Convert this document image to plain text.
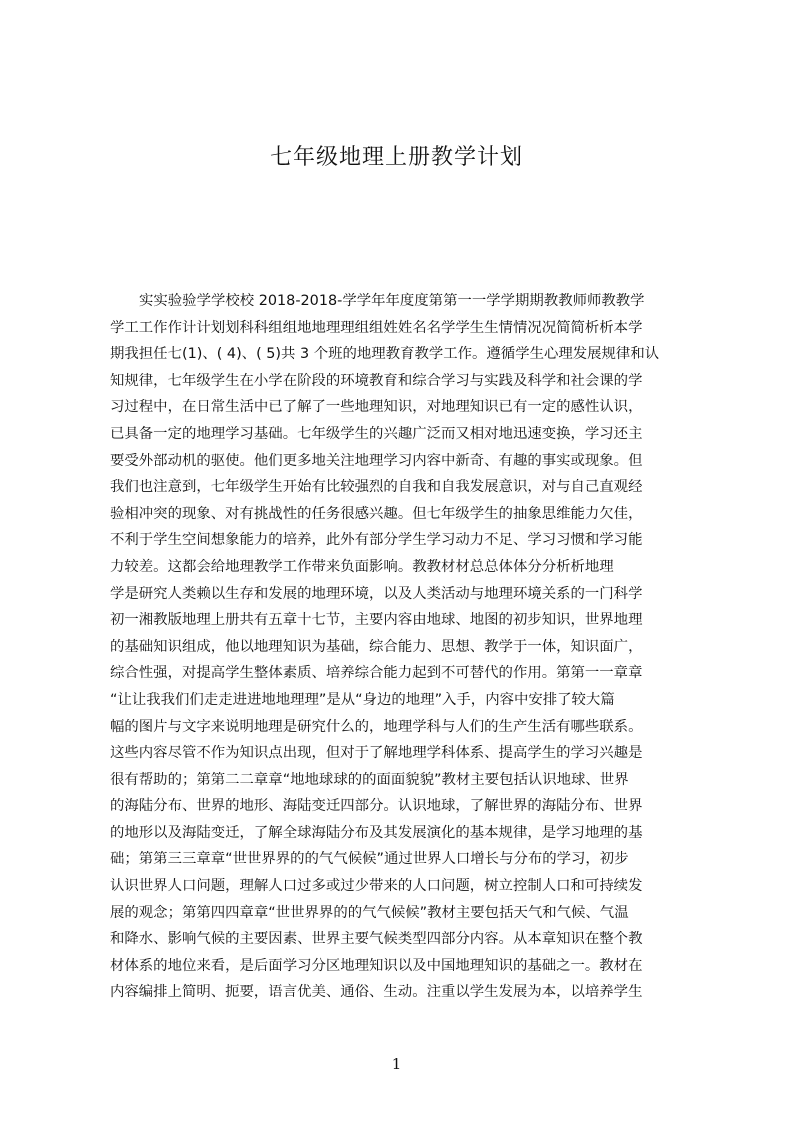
七年级地理上册教学计划
实实验验学学校校 2018-2018-学学年年度度第第一一学学期期教教师师教教学
学工工作作计计划划科科组组地地理理组组姓姓名名学学生生情情况况简简析析本学
期我担任七(1)、( 4)、( 5)共 3 个班的地理教育教学工作。遵循学生心理发展规律和认
知规律，七年级学生在小学在阶段的环境教育和综合学习与实践及科学和社会课的学
习过程中，在日常生活中已了解了一些地理知识，对地理知识已有一定的感性认识，
已具备一定的地理学习基础。七年级学生的兴趣广泛而又相对地迅速变换，学习还主
要受外部动机的驱使。他们更多地关注地理学习内容中新奇、有趣的事实或现象。但
我们也注意到，七年级学生开始有比较强烈的自我和自我发展意识，对与自己直观经
验相冲突的现象、对有挑战性的任务很感兴趣。但七年级学生的抽象思维能力欠佳，
不利于学生空间想象能力的培养，此外有部分学生学习动力不足、学习习惯和学习能
力较差。这都会给地理教学工作带来负面影响。教教材材总总体体分分析析地理
学是研究人类赖以生存和发展的地理环境，以及人类活动与地理环境关系的一门科学
初一湘教版地理上册共有五章十七节，主要内容由地球、地图的初步知识，世界地理
的基础知识组成，他以地理知识为基础，综合能力、思想、教学于一体，知识面广，
综合性强，对提高学生整体素质、培养综合能力起到不可替代的作用。第第一一章章
“让让我我们们走走进进地地理理”是从“身边的地理”入手，内容中安排了较大篇
幅的图片与文字来说明地理是研究什么的，地理学科与人们的生产生活有哪些联系。
这些内容尽管不作为知识点出现，但对于了解地理学科体系、提高学生的学习兴趣是
很有帮助的；第第二二章章“地地球球的的面面貌貌”教材主要包括认识地球、世界
的海陆分布、世界的地形、海陆变迁四部分。认识地球，了解世界的海陆分布、世界
的地形以及海陆变迁，了解全球海陆分布及其发展演化的基本规律，是学习地理的基
础；第第三三章章“世世界界的的气气候候”通过世界人口增长与分布的学习，初步
认识世界人口问题，理解人口过多或过少带来的人口问题，树立控制人口和可持续发
展的观念；第第四四章章“世世界界的的气气候候”教材主要包括天气和气候、气温
和降水、影响气候的主要因素、世界主要气候类型四部分内容。从本章知识在整个教
材体系的地位来看，是后面学习分区地理知识以及中国地理知识的基础之一。教材在
内容编排上简明、扼要，语言优美、通俗、生动。注重以学生发展为本，以培养学生
1
